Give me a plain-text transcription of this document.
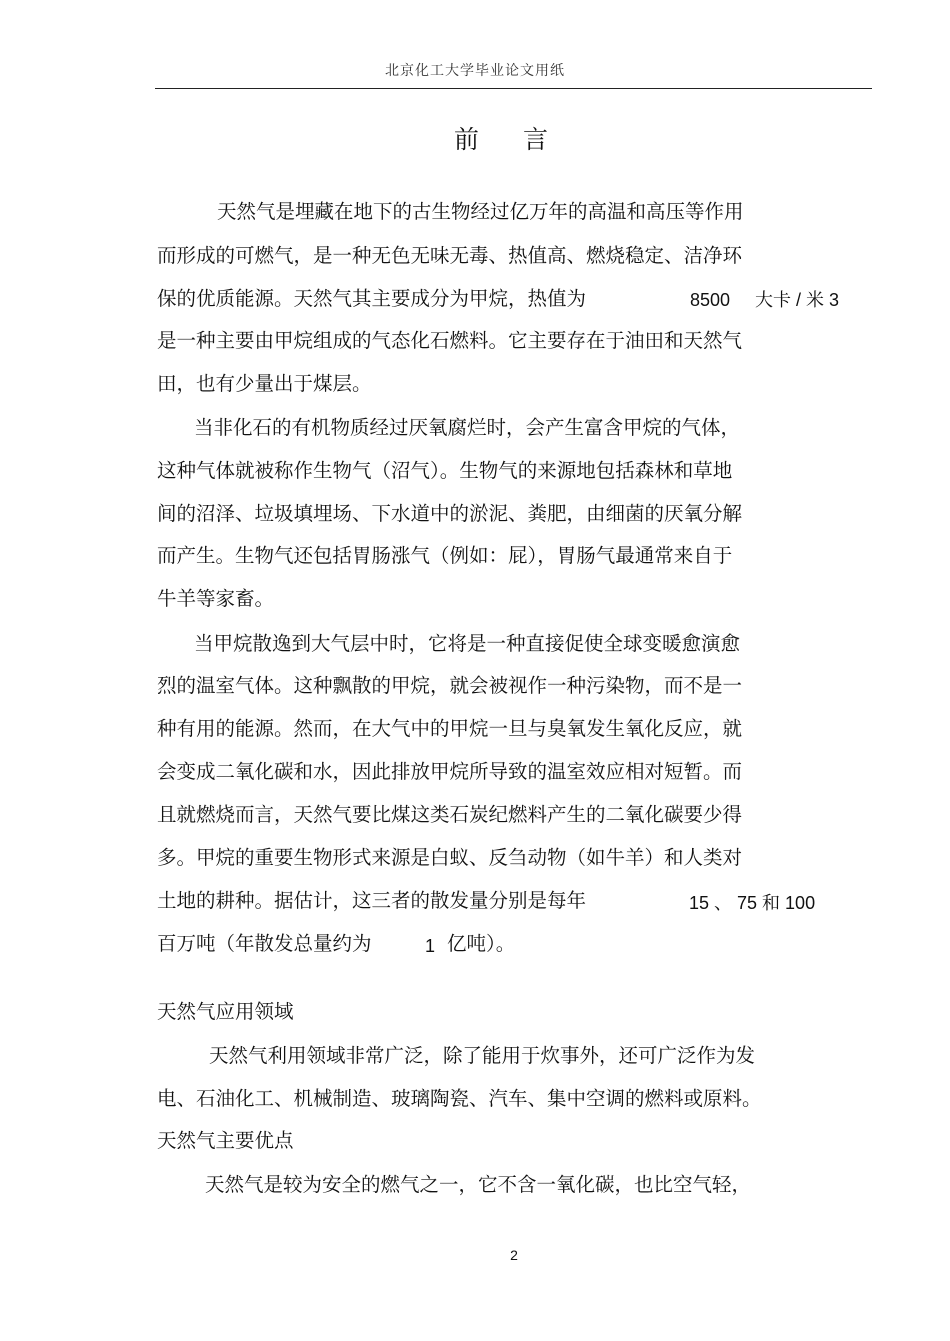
北京化工大学毕业论文用纸
前 言
天然气是埋藏在地下的古生物经过亿万年的高温和高压等作用
而形成的可燃气，是一种无色无味无毒、热值高、燃烧稳定、洁净环
保的优质能源。天然气其主要成分为甲烷，热值为	8500 大卡 / 米 3
是一种主要由甲烷组成的气态化石燃料。它主要存在于油田和天然气
田，也有少量出于煤层。
当非化石的有机物质经过厌氧腐烂时，会产生富含甲烷的气体，
这种气体就被称作生物气（沼气）。生物气的来源地包括森林和草地
间的沼泽、垃圾填埋场、下水道中的淤泥、粪肥，由细菌的厌氧分解
而产生。生物气还包括胃肠涨气（例如：屁），胃肠气最通常来自于
牛羊等家畜。
当甲烷散逸到大气层中时，它将是一种直接促使全球变暖愈演愈
烈的温室气体。这种飘散的甲烷，就会被视作一种污染物，而不是一
种有用的能源。然而，在大气中的甲烷一旦与臭氧发生氧化反应，就
会变成二氧化碳和水，因此排放甲烷所导致的温室效应相对短暂。而
且就燃烧而言，天然气要比煤这类石炭纪燃料产生的二氧化碳要少得
多。甲烷的重要生物形式来源是白蚁、反刍动物（如牛羊）和人类对
土地的耕种。据估计，这三者的散发量分别是每年	15 、 75 和 100
百万吨（年散发总量约为	1 亿吨）。
天然气应用领域
天然气利用领域非常广泛，除了能用于炊事外，还可广泛作为发
电、石油化工、机械制造、玻璃陶瓷、汽车、集中空调的燃料或原料。
天然气主要优点
天然气是较为安全的燃气之一，它不含一氧化碳，也比空气轻，
2
